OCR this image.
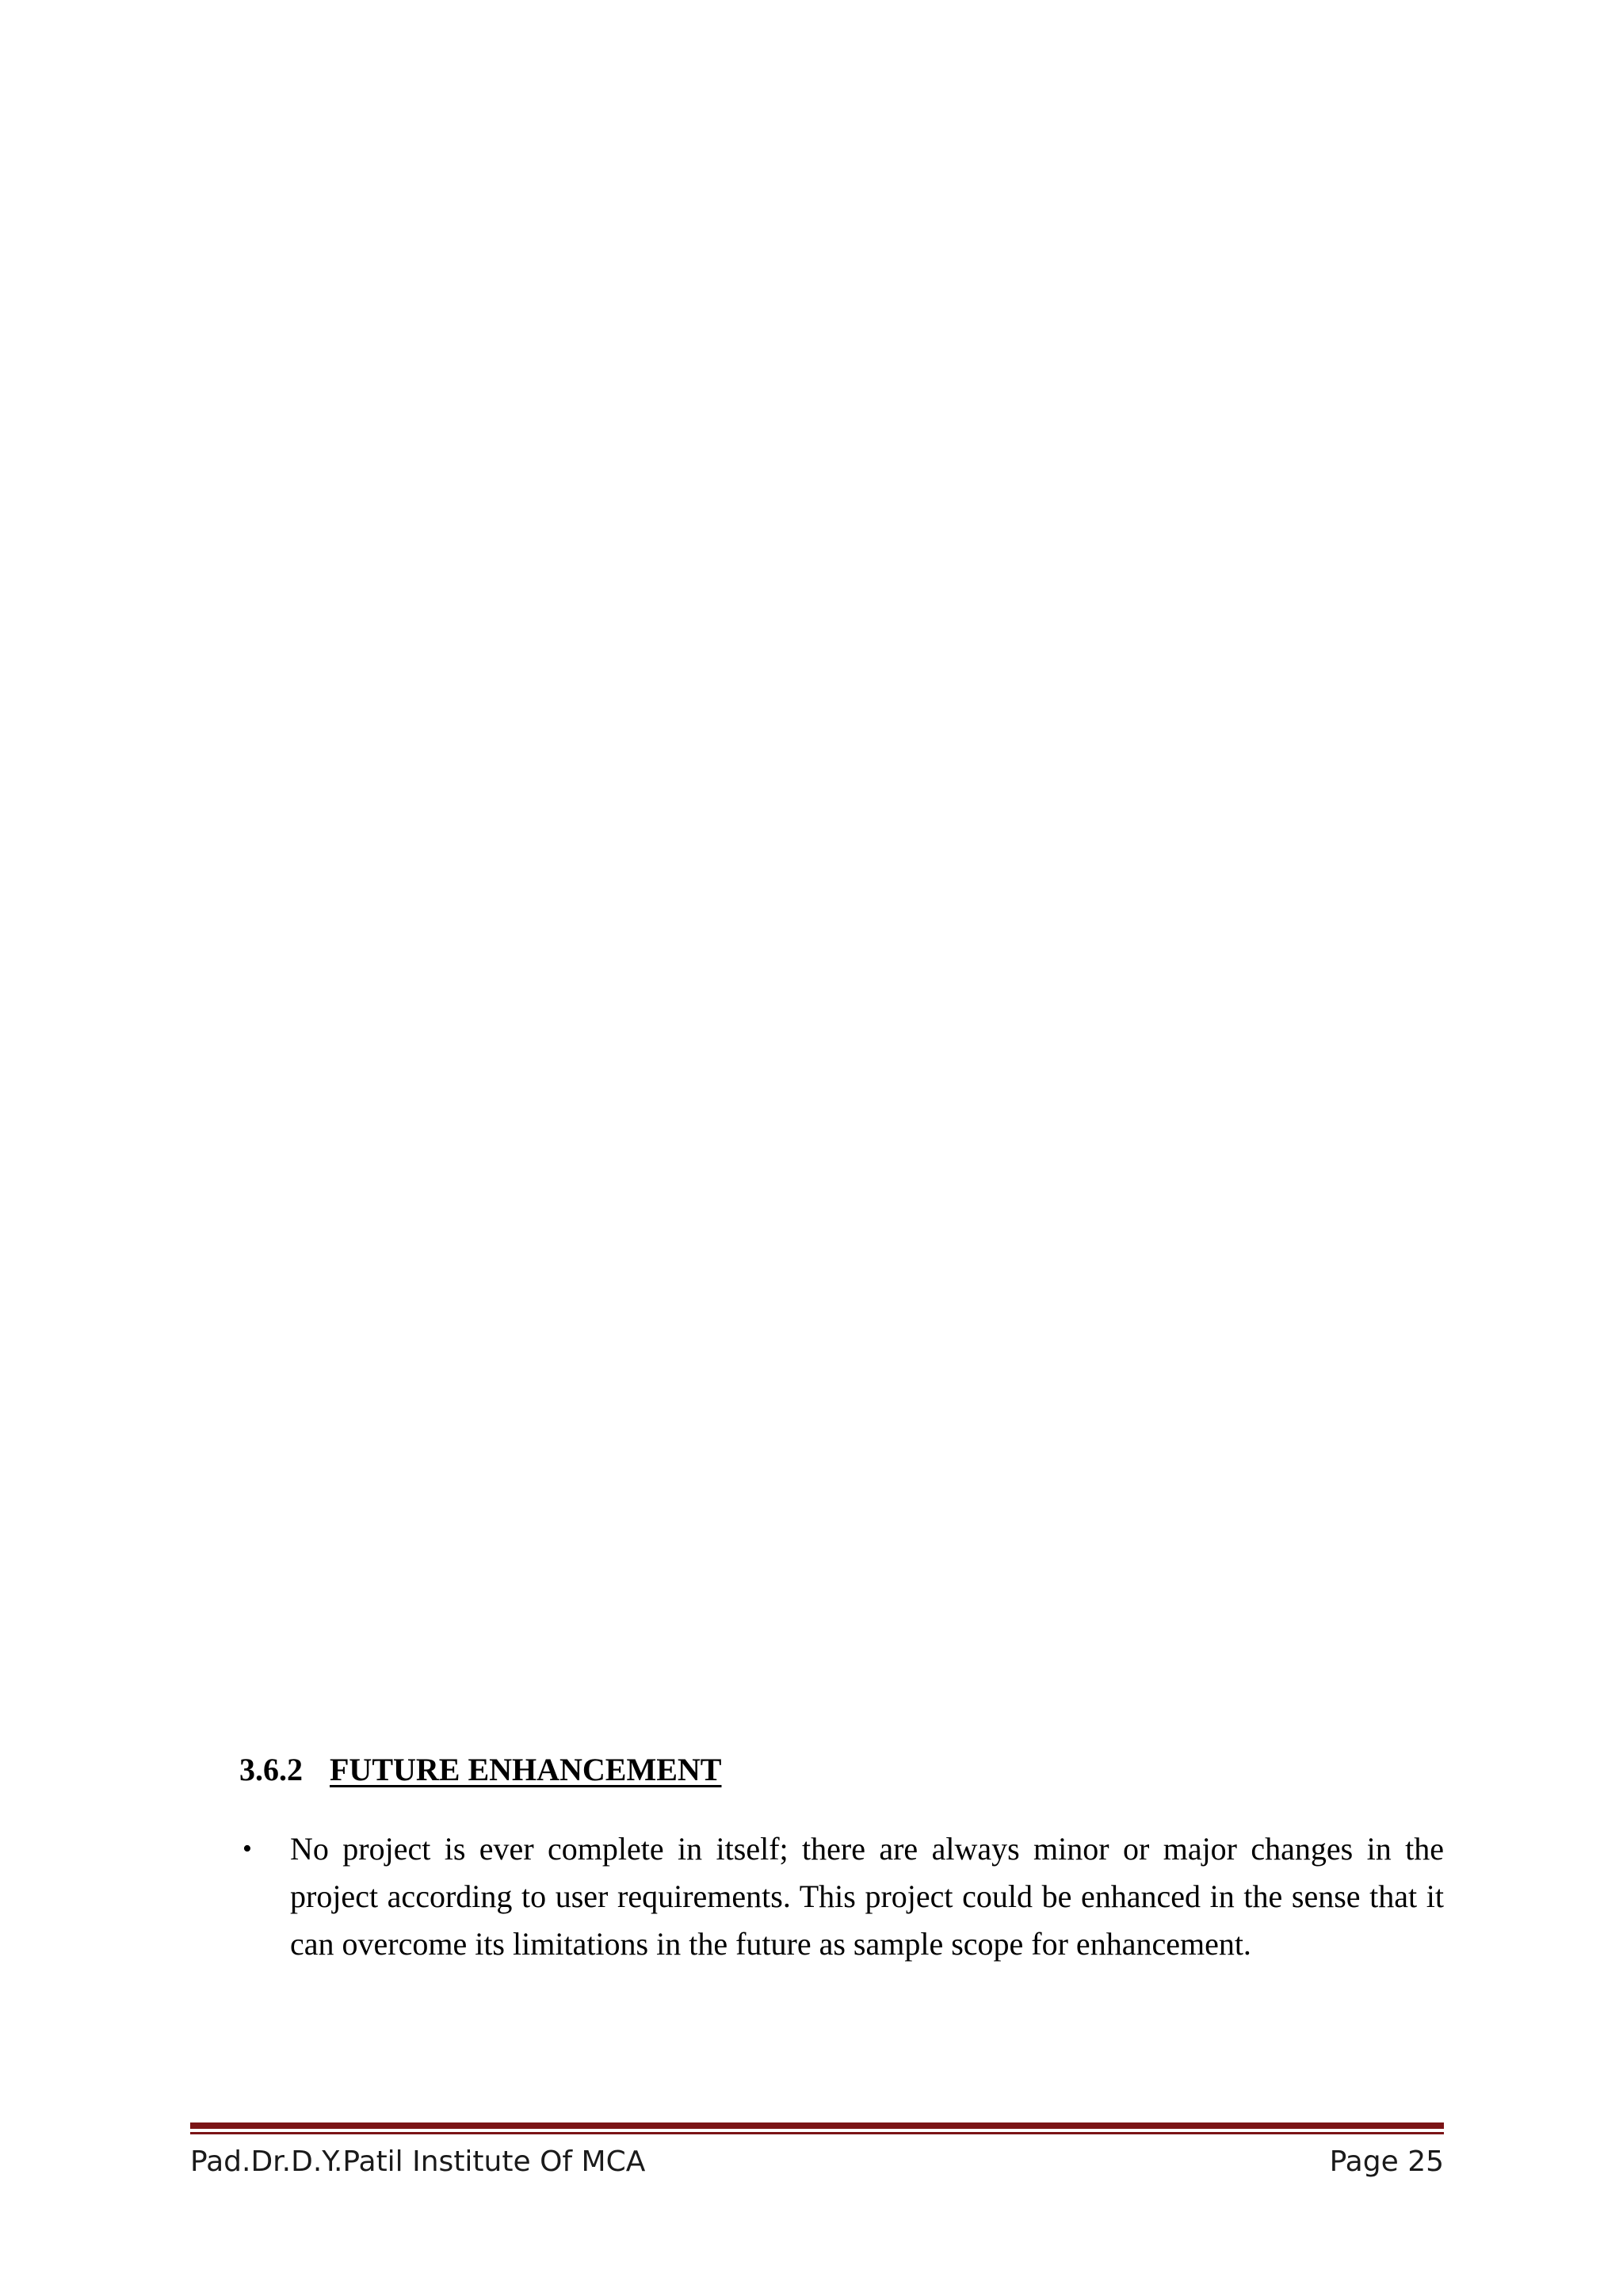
3.6.2 FUTURE ENHANCEMENT
• No project is ever complete in itself; there are always minor or major changes in the project according to user requirements. This project could be enhanced in the sense that it can overcome its limitations in the future as sample scope for enhancement.
Pad.Dr.D.Y.Patil Institute Of MCA	Page 25
